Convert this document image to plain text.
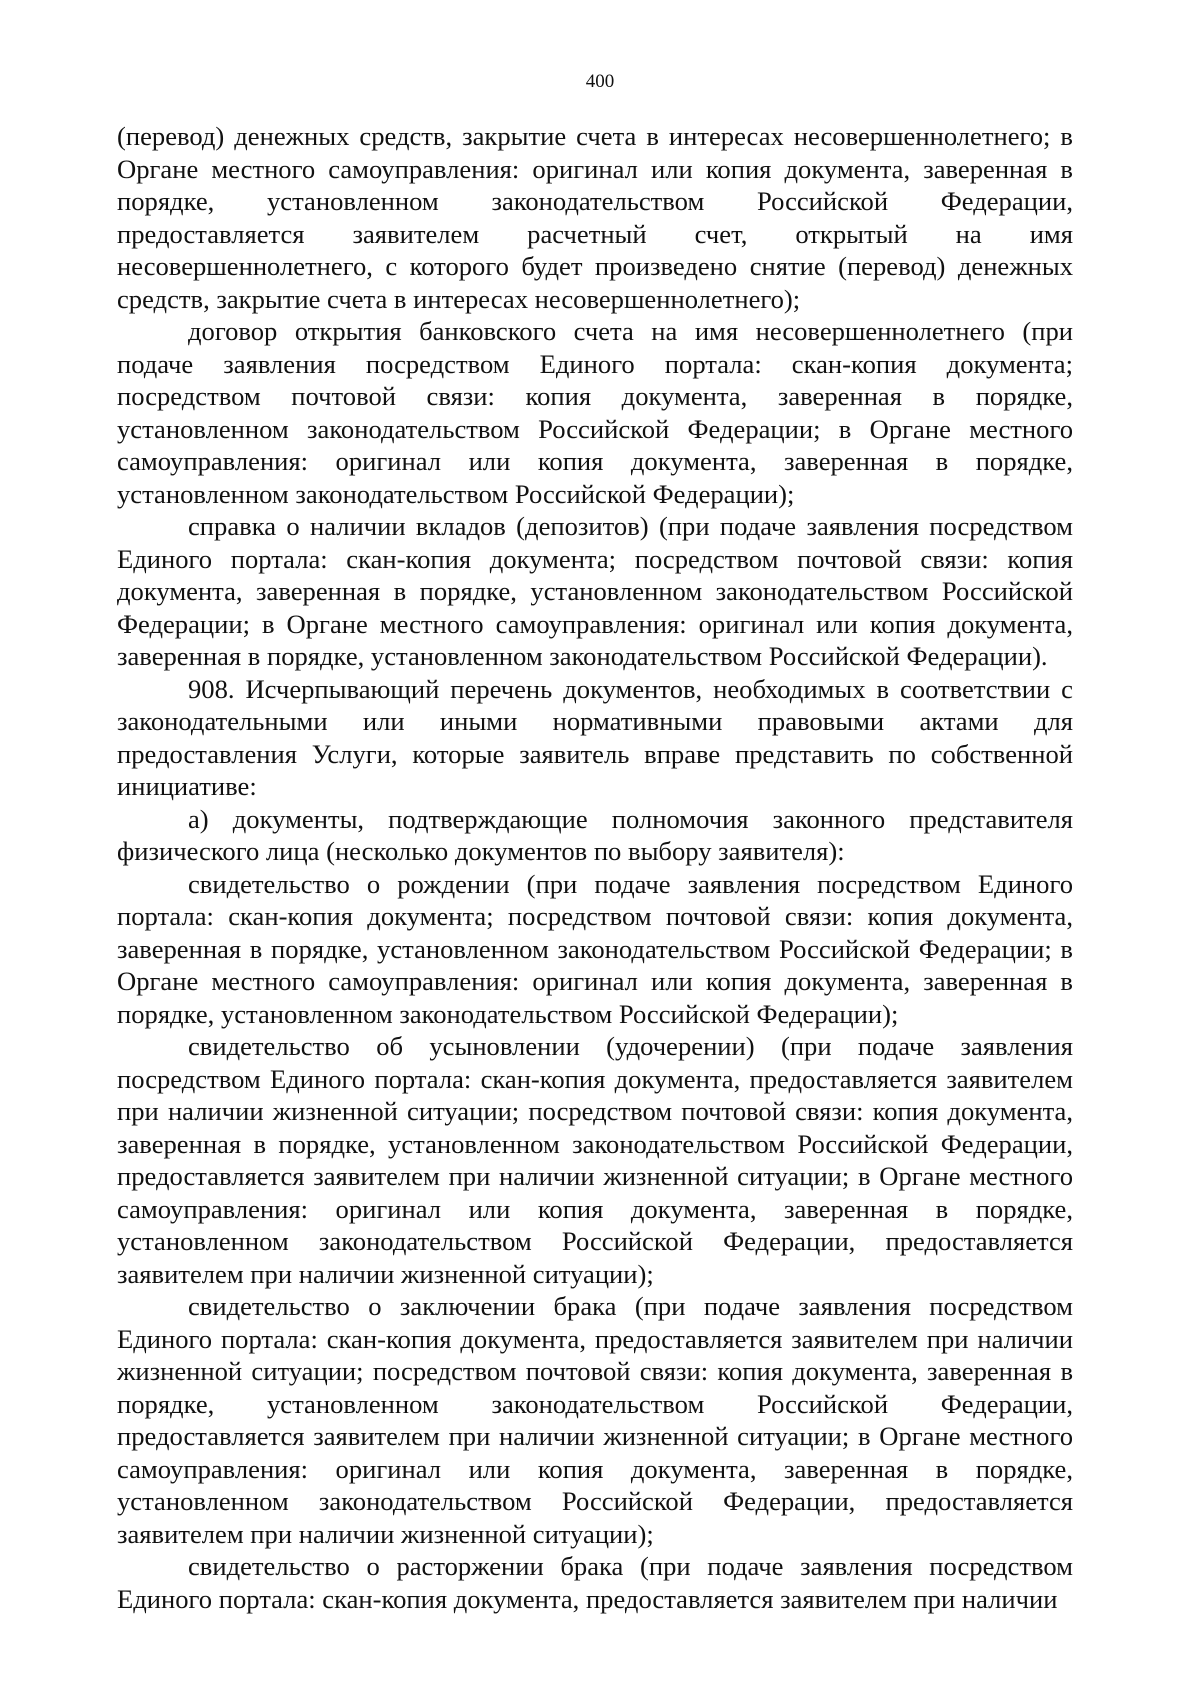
400

(перевод) денежных средств, закрытие счета в интересах несовершеннолетнего; в Органе местного самоуправления: оригинал или копия документа, заверенная в порядке, установленном законодательством Российской Федерации, предоставляется заявителем расчетный счет, открытый на имя несовершеннолетнего, с которого будет произведено снятие (перевод) денежных средств, закрытие счета в интересах несовершеннолетнего);

договор открытия банковского счета на имя несовершеннолетнего (при подаче заявления посредством Единого портала: скан-копия документа; посредством почтовой связи: копия документа, заверенная в порядке, установленном законодательством Российской Федерации; в Органе местного самоуправления: оригинал или копия документа, заверенная в порядке, установленном законодательством Российской Федерации);

справка о наличии вкладов (депозитов) (при подаче заявления посредством Единого портала: скан-копия документа; посредством почтовой связи: копия документа, заверенная в порядке, установленном законодательством Российской Федерации; в Органе местного самоуправления: оригинал или копия документа, заверенная в порядке, установленном законодательством Российской Федерации).

908. Исчерпывающий перечень документов, необходимых в соответствии с законодательными или иными нормативными правовыми актами для предоставления Услуги, которые заявитель вправе представить по собственной инициативе:

а) документы, подтверждающие полномочия законного представителя физического лица (несколько документов по выбору заявителя):

свидетельство о рождении (при подаче заявления посредством Единого портала: скан-копия документа; посредством почтовой связи: копия документа, заверенная в порядке, установленном законодательством Российской Федерации; в Органе местного самоуправления: оригинал или копия документа, заверенная в порядке, установленном законодательством Российской Федерации);

свидетельство об усыновлении (удочерении) (при подаче заявления посредством Единого портала: скан-копия документа, предоставляется заявителем при наличии жизненной ситуации; посредством почтовой связи: копия документа, заверенная в порядке, установленном законодательством Российской Федерации, предоставляется заявителем при наличии жизненной ситуации; в Органе местного самоуправления: оригинал или копия документа, заверенная в порядке, установленном законодательством Российской Федерации, предоставляется заявителем при наличии жизненной ситуации);

свидетельство о заключении брака (при подаче заявления посредством Единого портала: скан-копия документа, предоставляется заявителем при наличии жизненной ситуации; посредством почтовой связи: копия документа, заверенная в порядке, установленном законодательством Российской Федерации, предоставляется заявителем при наличии жизненной ситуации; в Органе местного самоуправления: оригинал или копия документа, заверенная в порядке, установленном законодательством Российской Федерации, предоставляется заявителем при наличии жизненной ситуации);

свидетельство о расторжении брака (при подаче заявления посредством Единого портала: скан-копия документа, предоставляется заявителем при наличии
